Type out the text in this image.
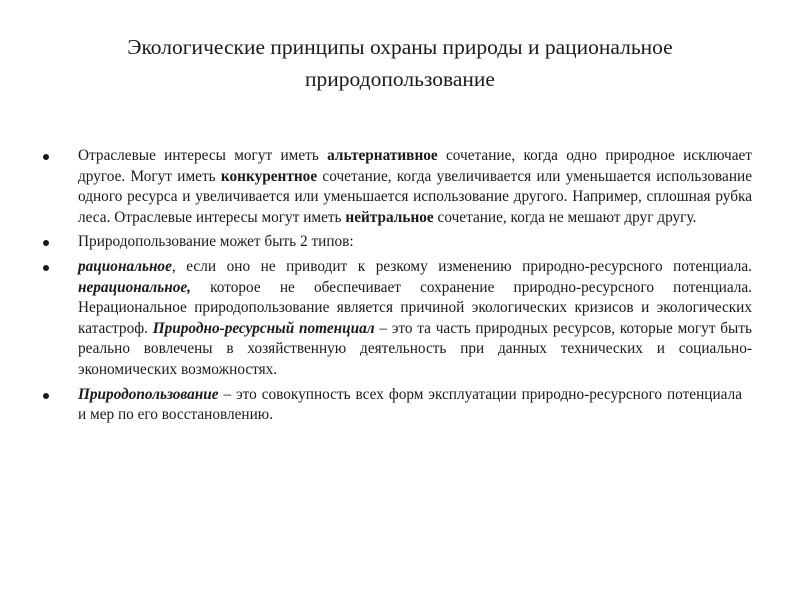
Экологические принципы охраны природы и рациональное
природопользование
Отраслевые интересы могут иметь альтернативное сочетание, когда одно природное исключает другое. Могут иметь конкурентное сочетание, когда увеличивается или уменьшается использование одного ресурса и увеличивается или уменьшается использование другого. Например, сплошная рубка леса. Отраслевые интересы могут иметь нейтральное сочетание, когда не мешают друг другу.
Природопользование может быть 2 типов:
рациональное, если оно не приводит к резкому изменению природно-ресурсного потенциала. нерациональное, которое не обеспечивает сохранение природно-ресурсного потенциала. Нерациональное природопользование является причиной экологических кризисов и экологических катастроф. Природно-ресурсный потенциал – это та часть природных ресурсов, которые могут быть реально вовлечены в хозяйственную деятельность при данных технических и социально-экономических возможностях.
Природопользование – это совокупность всех форм эксплуатации природно-ресурсного потенциала и мер по его восстановлению.
